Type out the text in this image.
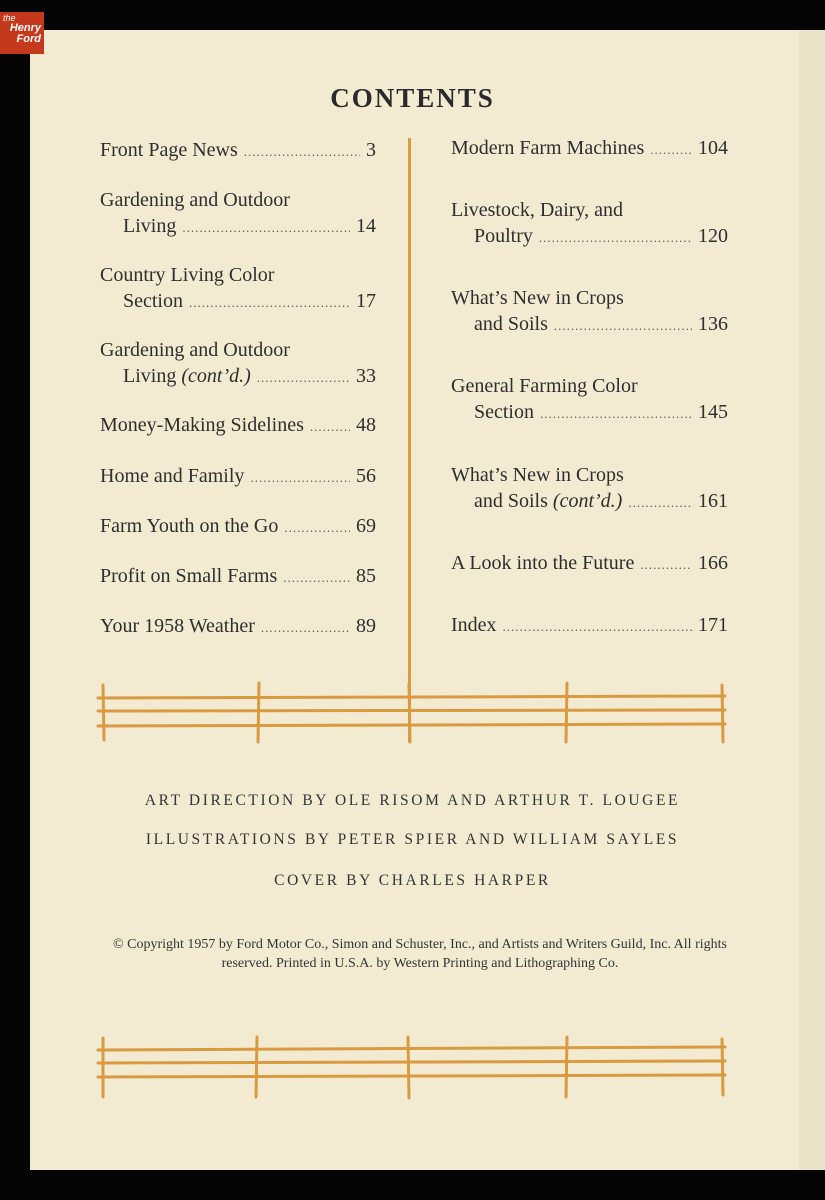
the
Henry
Ford
CONTENTS
Front Page News .....	3
Gardening and Outdoor
Living .....	14
Country Living Color
Section .....	17
Gardening and Outdoor
Living (cont’d.) .....	33
Money-Making Sidelines .....	48
Home and Family .....	56
Farm Youth on the Go .....	69
Profit on Small Farms .....	85
Your 1958 Weather .....	89
Modern Farm Machines .....	104
Livestock, Dairy, and
Poultry .....	120
What’s New in Crops
and Soils .....	136
General Farming Color
Section .....	145
What’s New in Crops
and Soils (cont’d.) .....	161
A Look into the Future .....	166
Index .....	171
ART DIRECTION BY OLE RISOM AND ARTHUR T. LOUGEE
ILLUSTRATIONS BY PETER SPIER AND WILLIAM SAYLES
COVER BY CHARLES HARPER
© Copyright 1957 by Ford Motor Co., Simon and Schuster, Inc., and Artists and Writers Guild, Inc. All rights reserved. Printed in U.S.A. by Western Printing and Lithographing Co.
